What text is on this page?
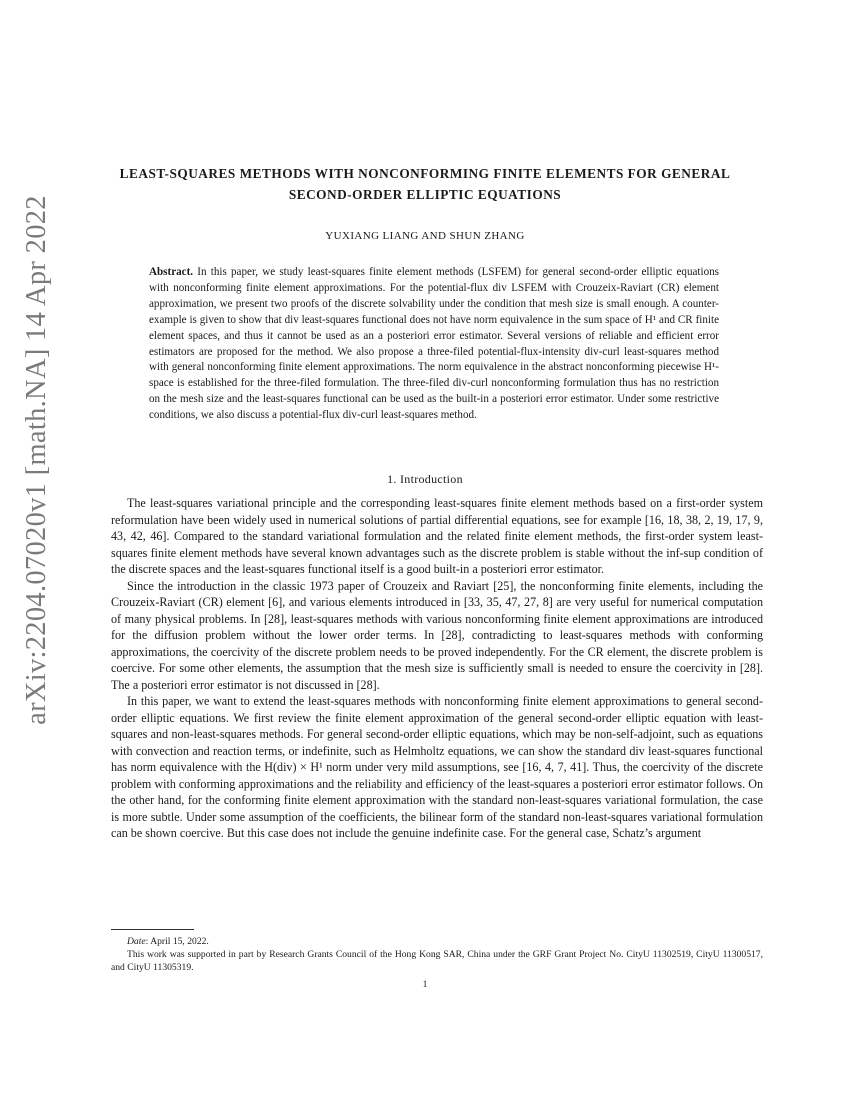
arXiv:2204.07020v1 [math.NA] 14 Apr 2022
LEAST-SQUARES METHODS WITH NONCONFORMING FINITE ELEMENTS FOR GENERAL SECOND-ORDER ELLIPTIC EQUATIONS
YUXIANG LIANG AND SHUN ZHANG

Abstract. In this paper, we study least-squares finite element methods (LSFEM) for general second-order elliptic equations with nonconforming finite element approximations. For the potential-flux div LSFEM with Crouzeix-Raviart (CR) element approximation, we present two proofs of the discrete solvability under the condition that mesh size is small enough. A counter-example is given to show that div least-squares functional does not have norm equivalence in the sum space of H¹ and CR finite element spaces, and thus it cannot be used as an a posteriori error estimator. Several versions of reliable and efficient error estimators are proposed for the method. We also propose a three-filed potential-flux-intensity div-curl least-squares method with general nonconforming finite element approximations. The norm equivalence in the abstract nonconforming piecewise H¹-space is established for the three-filed formulation. The three-filed div-curl nonconforming formulation thus has no restriction on the mesh size and the least-squares functional can be used as the built-in a posteriori error estimator. Under some restrictive conditions, we also discuss a potential-flux div-curl least-squares method.

1. Introduction

The least-squares variational principle and the corresponding least-squares finite element methods based on a first-order system reformulation have been widely used in numerical solutions of partial differential equations, see for example [16, 18, 38, 2, 19, 17, 9, 43, 42, 46]. Compared to the standard variational formulation and the related finite element methods, the first-order system least-squares finite element methods have several known advantages such as the discrete problem is stable without the inf-sup condition of the discrete spaces and the least-squares functional itself is a good built-in a posteriori error estimator.

Since the introduction in the classic 1973 paper of Crouzeix and Raviart [25], the nonconforming finite elements, including the Crouzeix-Raviart (CR) element [6], and various elements introduced in [33, 35, 47, 27, 8] are very useful for numerical computation of many physical problems. In [28], least-squares methods with various nonconforming finite element approximations are introduced for the diffusion problem without the lower order terms. In [28], contradicting to least-squares methods with conforming approximations, the coercivity of the discrete problem needs to be proved independently. For the CR element, the discrete problem is coercive. For some other elements, the assumption that the mesh size is sufficiently small is needed to ensure the coercivity in [28]. The a posteriori error estimator is not discussed in [28].

In this paper, we want to extend the least-squares methods with nonconforming finite element approximations to general second-order elliptic equations. We first review the finite element approximation of the general second-order elliptic equation with least-squares and non-least-squares methods. For general second-order elliptic equations, which may be non-self-adjoint, such as equations with convection and reaction terms, or indefinite, such as Helmholtz equations, we can show the standard div least-squares functional has norm equivalence with the H(div) × H¹ norm under very mild assumptions, see [16, 4, 7, 41]. Thus, the coercivity of the discrete problem with conforming approximations and the reliability and efficiency of the least-squares a posteriori error estimator follows. On the other hand, for the conforming finite element approximation with the standard non-least-squares variational formulation, the case is more subtle. Under some assumption of the coefficients, the bilinear form of the standard non-least-squares variational formulation can be shown coercive. But this case does not include the genuine indefinite case. For the general case, Schatz’s argument

Date: April 15, 2022.

This work was supported in part by Research Grants Council of the Hong Kong SAR, China under the GRF Grant Project No. CityU 11302519, CityU 11300517, and CityU 11305319.

1
